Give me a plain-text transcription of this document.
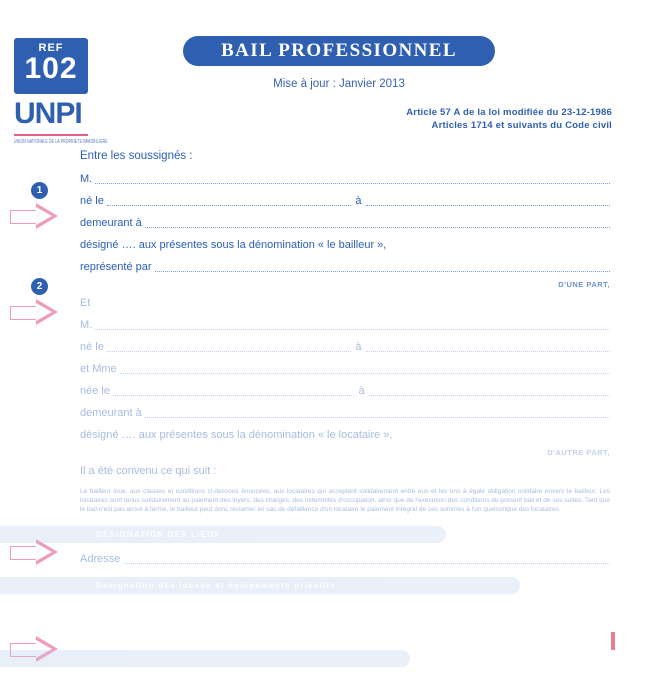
REF
102
UNPI
UNION NATIONALE DE LA PROPRIETE IMMOBILIERE
BAIL PROFESSIONNEL
Mise à jour : Janvier 2013
Article 57 A de la loi modifiée du 23-12-1986
Articles 1714 et suivants du Code civil
1
2
Entre les soussignés :
M.
né le	à
demeurant à
désigné …. aux présentes sous la dénomination « le bailleur »,
représenté par
D'UNE PART,
Et
M.
né le	à
et Mme
née le	à
demeurant à
désigné …. aux présentes sous la dénomination « le locataire »,
D'AUTRE PART,
Il a été convenu ce qui suit :
Le bailleur loue, aux clauses et conditions ci-dessous énoncées, aux locataires qui acceptent solidairement entre eux et les uns à égale obligation solidaire envers le bailleur. Les locataires sont tenus solidairement au paiement des loyers, des charges, des indemnités d'occupation, ainsi que de l'exécution des conditions du présent bail et de ses suites. Tant que le bail n'est pas arrivé à terme, le bailleur peut donc réclamer en cas de défaillance d'un locataire le paiement intégral de ces sommes à l'un quelconque des locataires.
DÉSIGNATION DES LIEUX
Adresse
Désignation des locaux et équipements privatifs
